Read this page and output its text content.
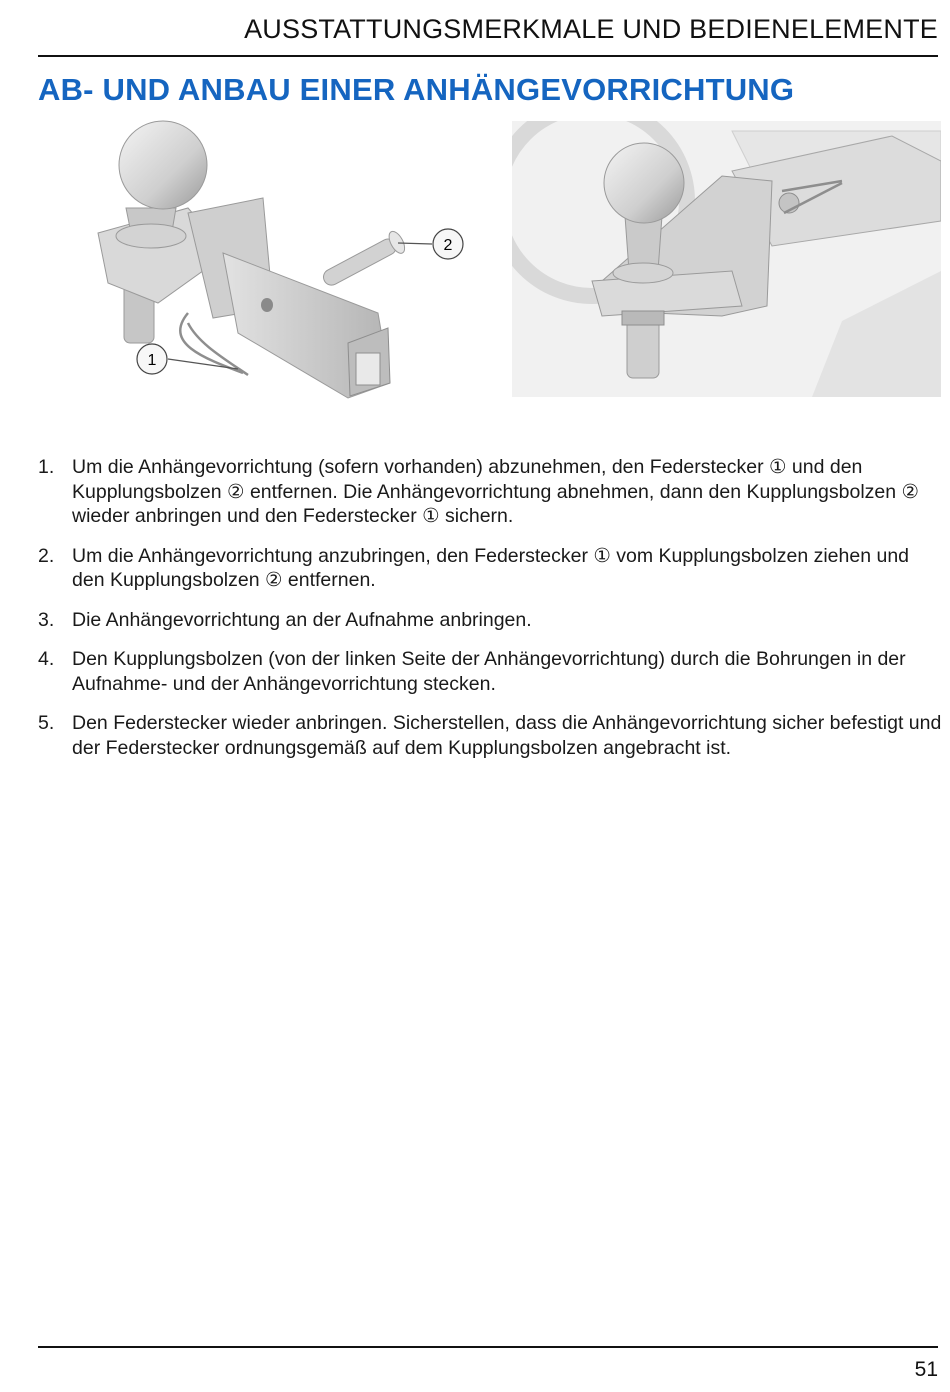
AUSSTATTUNGSMERKMALE UND BEDIENELEMENTE
AB- UND ANBAU EINER ANHÄNGEVORRICHTUNG
1
2
1. Um die Anhängevorrichtung (sofern vorhanden) abzunehmen, den Federstecker ① und den Kupplungsbolzen ② entfernen. Die Anhängevorrichtung abnehmen, dann den Kupplungsbolzen ② wieder anbringen und den Federstecker ① sichern.
2. Um die Anhängevorrichtung anzubringen, den Federstecker ① vom Kupplungsbolzen ziehen und den Kupplungsbolzen ② entfernen.
3. Die Anhängevorrichtung an der Aufnahme anbringen.
4. Den Kupplungsbolzen (von der linken Seite der Anhängevorrichtung) durch die Bohrungen in der Aufnahme- und der Anhängevorrichtung stecken.
5. Den Federstecker wieder anbringen. Sicherstellen, dass die Anhängevorrichtung sicher befestigt und der Federstecker ordnungsgemäß auf dem Kupplungsbolzen angebracht ist.
51
